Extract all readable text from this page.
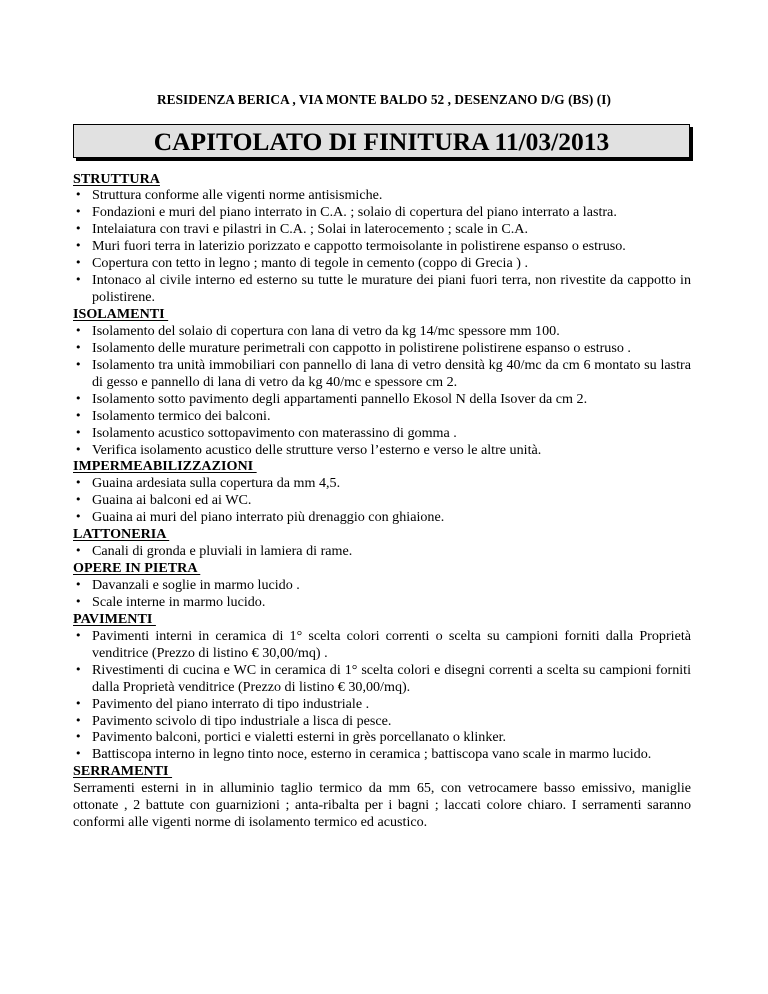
RESIDENZA BERICA , VIA MONTE BALDO 52 , DESENZANO D/G (BS) (I)
CAPITOLATO DI FINITURA 11/03/2013
STRUTTURA
• Struttura conforme alle vigenti norme antisismiche.
• Fondazioni e muri del piano interrato in C.A. ; solaio di copertura del piano interrato a lastra.
• Intelaiatura con travi e pilastri in C.A. ; Solai in laterocemento ; scale in C.A.
• Muri fuori terra in laterizio porizzato e cappotto termoisolante in polistirene espanso o estruso.
• Copertura con tetto in legno ; manto di tegole in cemento (coppo di Grecia ) .
• Intonaco al civile interno ed esterno su tutte le murature dei piani fuori terra, non rivestite da cappotto in polistirene.
ISOLAMENTI
• Isolamento del solaio di copertura con lana di vetro da kg 14/mc spessore mm 100.
• Isolamento delle murature perimetrali con cappotto in polistirene polistirene espanso o estruso .
• Isolamento tra unità immobiliari con pannello di lana di vetro densità kg 40/mc da cm 6 montato su lastra di gesso e pannello di lana di vetro da kg 40/mc e spessore cm 2.
• Isolamento sotto pavimento degli appartamenti pannello Ekosol N della Isover da cm 2.
• Isolamento termico dei balconi.
• Isolamento acustico sottopavimento con materassino di gomma .
• Verifica isolamento acustico delle strutture verso l’esterno e verso le altre unità.
IMPERMEABILIZZAZIONI
• Guaina ardesiata sulla copertura da mm 4,5.
• Guaina ai balconi ed ai WC.
• Guaina ai muri del piano interrato più drenaggio con ghiaione.
LATTONERIA
• Canali di gronda e pluviali in lamiera di rame.
OPERE IN PIETRA
• Davanzali e soglie in marmo lucido .
• Scale interne in marmo lucido.
PAVIMENTI
• Pavimenti interni in ceramica di 1° scelta colori correnti o scelta su campioni forniti dalla Proprietà venditrice (Prezzo di listino € 30,00/mq) .
• Rivestimenti di cucina e WC in ceramica di 1° scelta colori e disegni correnti a scelta su campioni forniti dalla Proprietà venditrice (Prezzo di listino € 30,00/mq).
• Pavimento del piano interrato di tipo industriale .
• Pavimento scivolo di tipo industriale a lisca di pesce.
• Pavimento balconi, portici e vialetti esterni in grès porcellanato o klinker.
• Battiscopa interno in legno tinto noce, esterno in ceramica ; battiscopa vano scale in marmo lucido.
SERRAMENTI

Serramenti esterni in in alluminio taglio termico da mm 65, con vetrocamere basso emissivo, maniglie ottonate , 2 battute con guarnizioni ; anta-ribalta per i bagni ; laccati colore chiaro. I serramenti saranno conformi alle vigenti norme di isolamento termico ed acustico.
